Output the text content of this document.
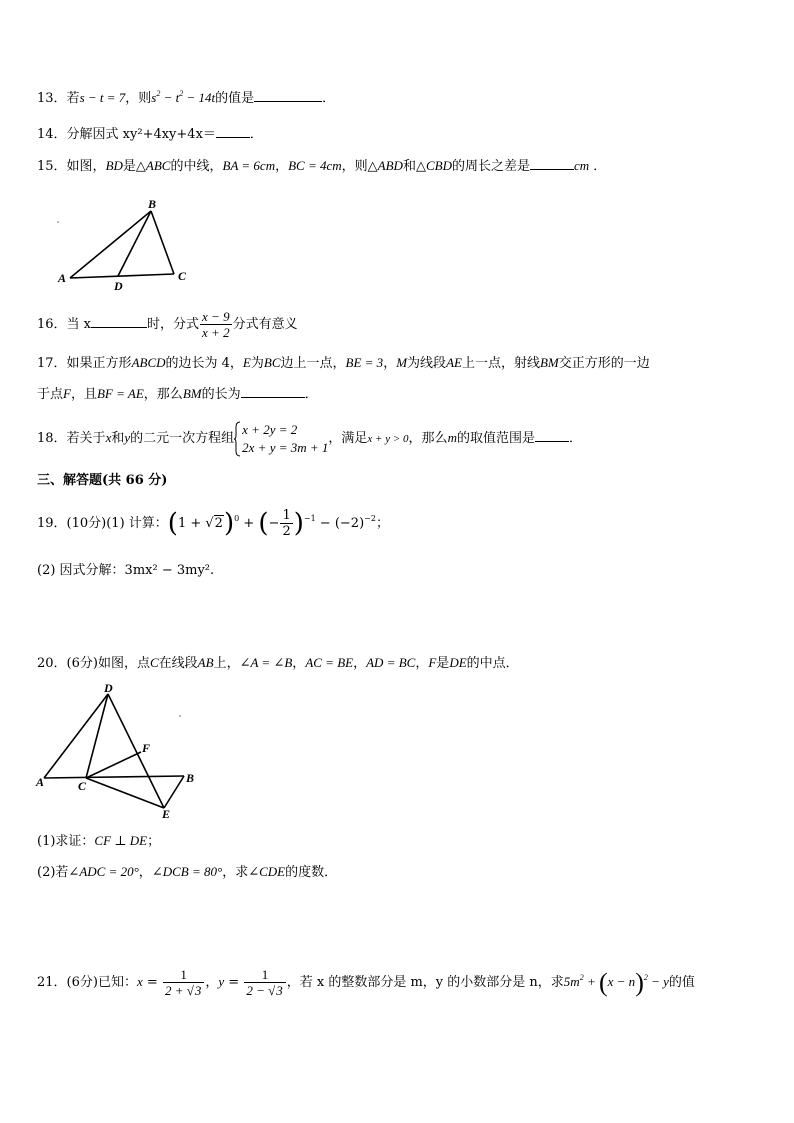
13．若s − t = 7，则$s^2 - t^2 - 14t$的值是	．
14．分解因式 xy²+4xy+4x＝	．
15．如图，BD是△ABC的中线，BA = 6cm，BC = 4cm，则△ABD和△CBD的周长之差是	cm ．
B
A
D
C
16．当 x	时，分式 $\frac{x - 9}{x + 2}$ 分式有意义
17．如果正方形ABCD的边长为 4，E为BC边上一点，BE = 3，M为线段AE上一点，射线BM交正方形的一边
于点F，且BF = AE，那么BM的长为	．
18．若关于x和y的二元一次方程组
x + 2y = 2
2x + y = 3m + 1
，满足x + y > 0，那么m的取值范围是	．
三、解答题(共 66 分)
19．(10分)(1) 计算：$(1 + √2)^0$ + (− $\frac{1}{2} )^{-1} - (-2)^{-2}$；
(2) 因式分解：3mx² − 3my².
20．(6分)如图，点C在线段AB上，∠A = ∠B，AC = BE，AD = BC，F是DE的中点．
D
F
A	C
B
E
(1)求证：CF ⊥ DE；
(2)若∠ADC = 20°，∠DCB = 80°，求∠CDE的度数．
21．(6分)已知：$x = \frac{1}{2 + √3}$ ，$y = \frac{1}{2 - √3}$ ，若 x 的整数部分是 m，y 的小数部分是 n，求$5m^2 + (x - n)^2 - y$的值
